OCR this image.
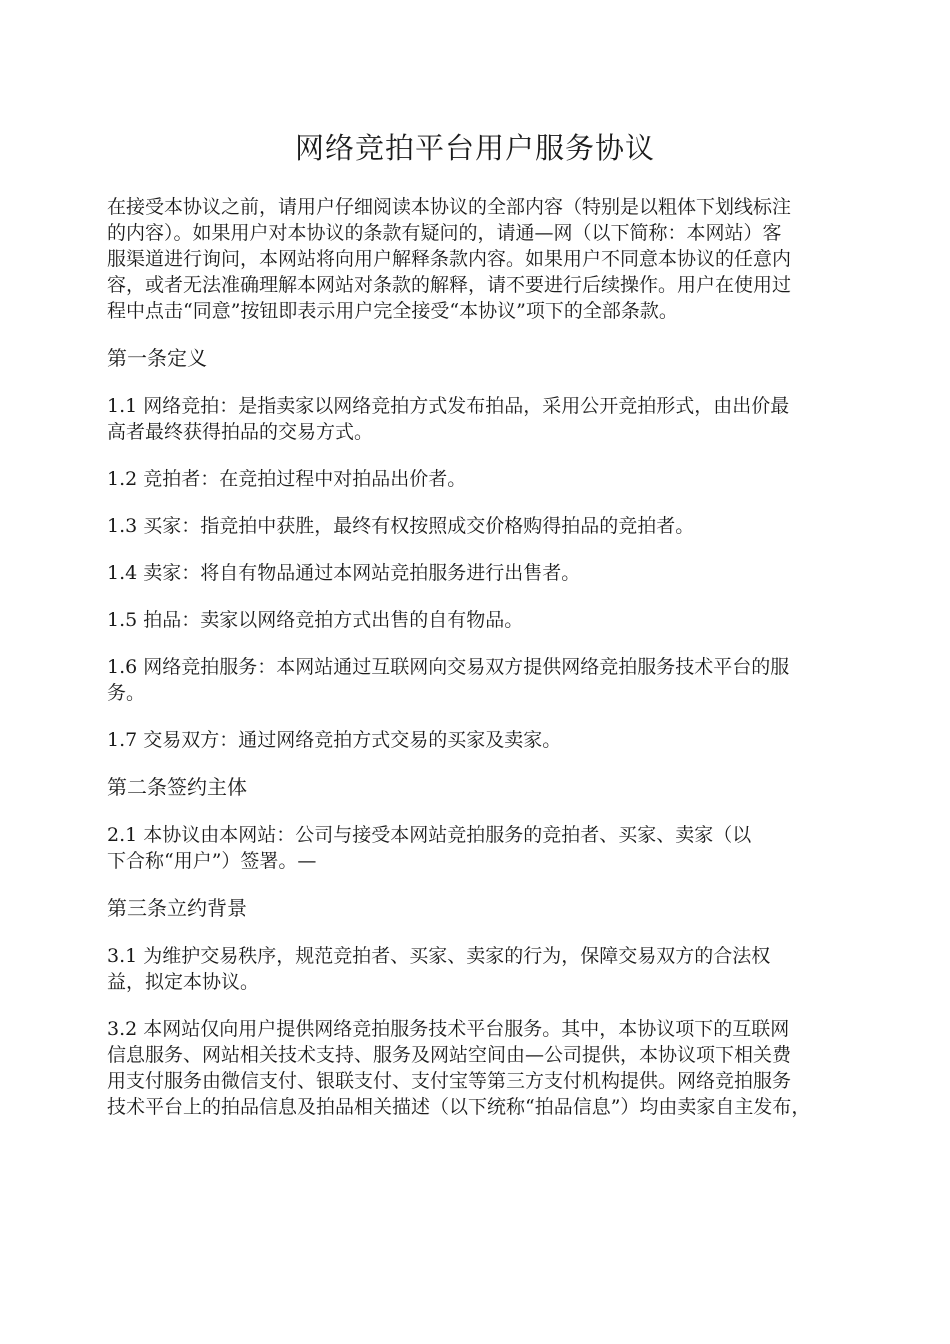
网络竞拍平台用户服务协议
在接受本协议之前，请用户仔细阅读本协议的全部内容（特别是以粗体下划线标注
的内容）。如果用户对本协议的条款有疑问的，请通—网（以下简称：本网站）客
服渠道进行询问，本网站将向用户解释条款内容。如果用户不同意本协议的任意内
容，或者无法准确理解本网站对条款的解释，请不要进行后续操作。用户在使用过
程中点击“同意”按钮即表示用户完全接受“本协议”项下的全部条款。
第一条定义
1.1 网络竞拍：是指卖家以网络竞拍方式发布拍品，采用公开竞拍形式，由出价最
高者最终获得拍品的交易方式。
1.2 竞拍者：在竞拍过程中对拍品出价者。
1.3 买家：指竞拍中获胜，最终有权按照成交价格购得拍品的竞拍者。
1.4 卖家：将自有物品通过本网站竞拍服务进行出售者。
1.5 拍品：卖家以网络竞拍方式出售的自有物品。
1.6 网络竞拍服务：本网站通过互联网向交易双方提供网络竞拍服务技术平台的服
务。
1.7 交易双方：通过网络竞拍方式交易的买家及卖家。
第二条签约主体
2.1 本协议由本网站：公司与接受本网站竞拍服务的竞拍者、买家、卖家（以
下合称“用户”）签署。—
第三条立约背景
3.1 为维护交易秩序，规范竞拍者、买家、卖家的行为，保障交易双方的合法权
益，拟定本协议。
3.2 本网站仅向用户提供网络竞拍服务技术平台服务。其中，本协议项下的互联网
信息服务、网站相关技术支持、服务及网站空间由—公司提供，本协议项下相关费
用支付服务由微信支付、银联支付、支付宝等第三方支付机构提供。网络竞拍服务
技术平台上的拍品信息及拍品相关描述（以下统称“拍品信息”）均由卖家自主发布，
